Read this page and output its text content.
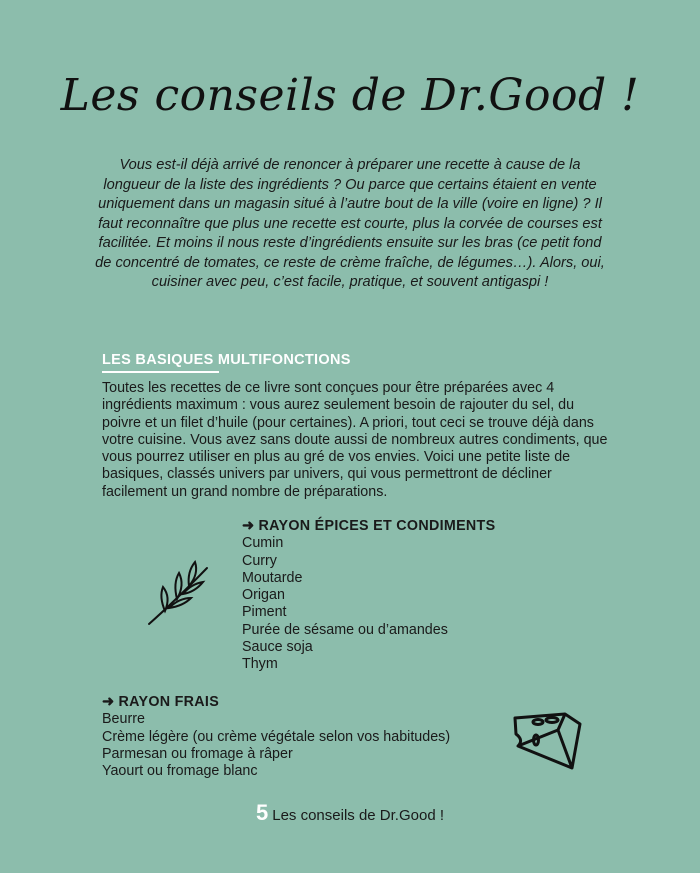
Les conseils de Dr.Good !
Vous est-il déjà arrivé de renoncer à préparer une recette à cause de la longueur de la liste des ingrédients ? Ou parce que certains étaient en vente uniquement dans un magasin situé à l’autre bout de la ville (voire en ligne) ? Il faut reconnaître que plus une recette est courte, plus la corvée de courses est facilitée. Et moins il nous reste d’ingrédients ensuite sur les bras (ce petit fond de concentré de tomates, ce reste de crème fraîche, de légumes…). Alors, oui, cuisiner avec peu, c’est facile, pratique, et souvent antigaspi !
LES BASIQUES MULTIFONCTIONS
Toutes les recettes de ce livre sont conçues pour être préparées avec 4 ingrédients maximum : vous aurez seulement besoin de rajouter du sel, du poivre et un filet d’huile (pour certaines). A priori, tout ceci se trouve déjà dans votre cuisine. Vous avez sans doute aussi de nombreux autres condiments, que vous pourrez utiliser en plus au gré de vos envies. Voici une petite liste de basiques, classés univers par univers, qui vous permettront de décliner facilement un grand nombre de préparations.
➜ RAYON ÉPICES ET CONDIMENTS
Cumin
Curry
Moutarde
Origan
Piment
Purée de sésame ou d’amandes
Sauce soja
Thym
➜ RAYON FRAIS
Beurre
Crème légère (ou crème végétale selon vos habitudes)
Parmesan ou fromage à râper
Yaourt ou fromage blanc
5 Les conseils de Dr.Good !
